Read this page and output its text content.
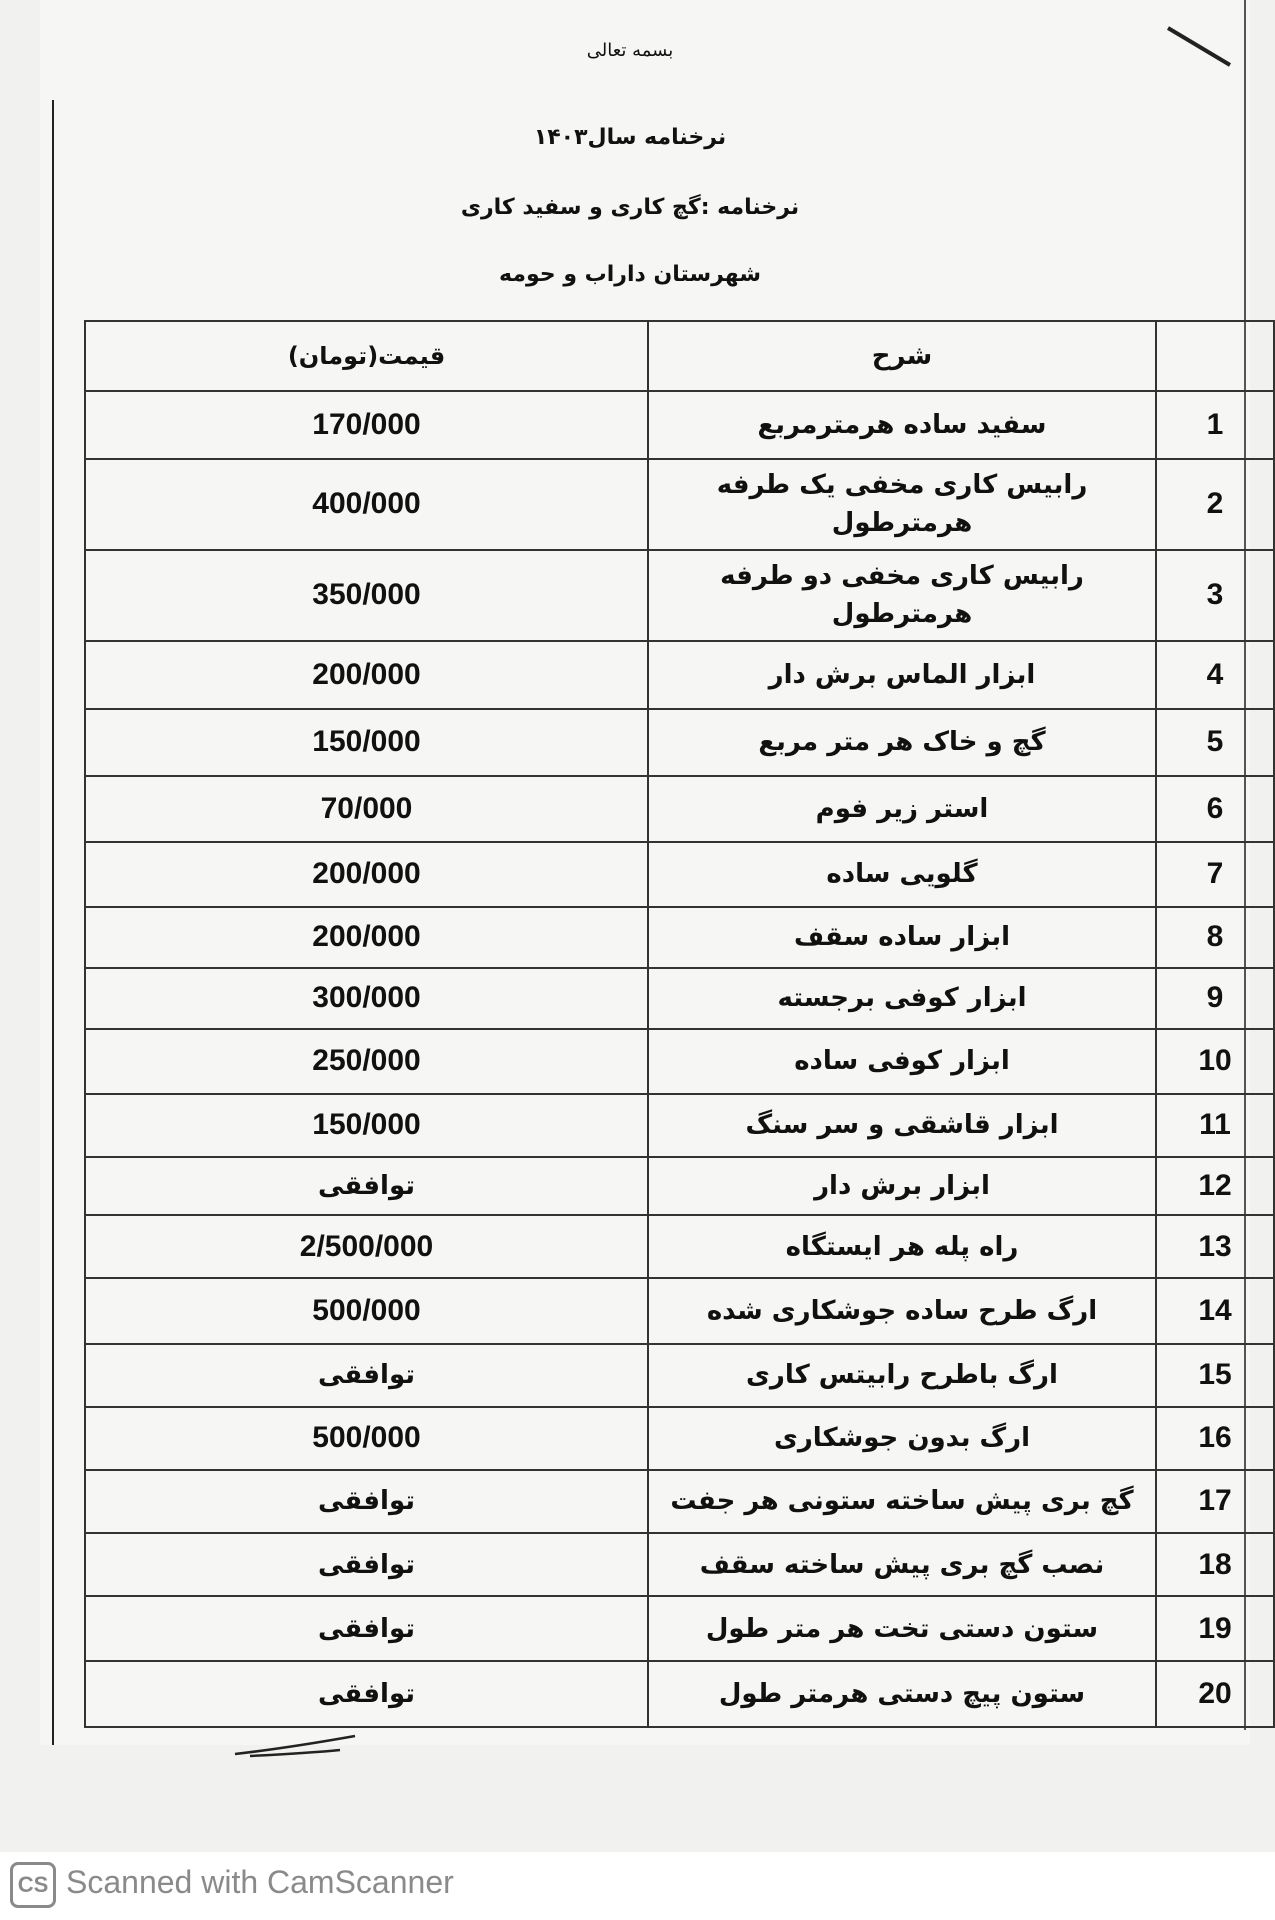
بسمه تعالی
نرخنامه سال۱۴۰۳
نرخنامه :گچ کاری و سفید کاری
شهرستان داراب و حومه
قیمت(تومان)	شرح	
170/000	سفید ساده هرمترمربع	1
400/000	رابیس کاری مخفی یک طرفه هرمترطول	2
350/000	رابیس کاری مخفی دو طرفه هرمترطول	3
200/000	ابزار الماس برش دار	4
150/000	گچ و خاک هر متر مربع	5
70/000	استر زیر فوم	6
200/000	گلویی ساده	7
200/000	ابزار ساده سقف	8
300/000	ابزار کوفی برجسته	9
250/000	ابزار کوفی ساده	10
150/000	ابزار قاشقی و سر سنگ	11
توافقی	ابزار برش دار	12
2/500/000	راه پله هر ایستگاه	13
500/000	ارگ طرح ساده جوشکاری شده	14
توافقی	ارگ باطرح رابیتس کاری	15
500/000	ارگ بدون جوشکاری	16
توافقی	گچ بری پیش ساخته ستونی هر جفت	17
توافقی	نصب گچ بری پیش ساخته سقف	18
توافقی	ستون دستی تخت هر متر طول	19
توافقی	ستون پیچ دستی هرمتر طول	20
CS Scanned with CamScanner
